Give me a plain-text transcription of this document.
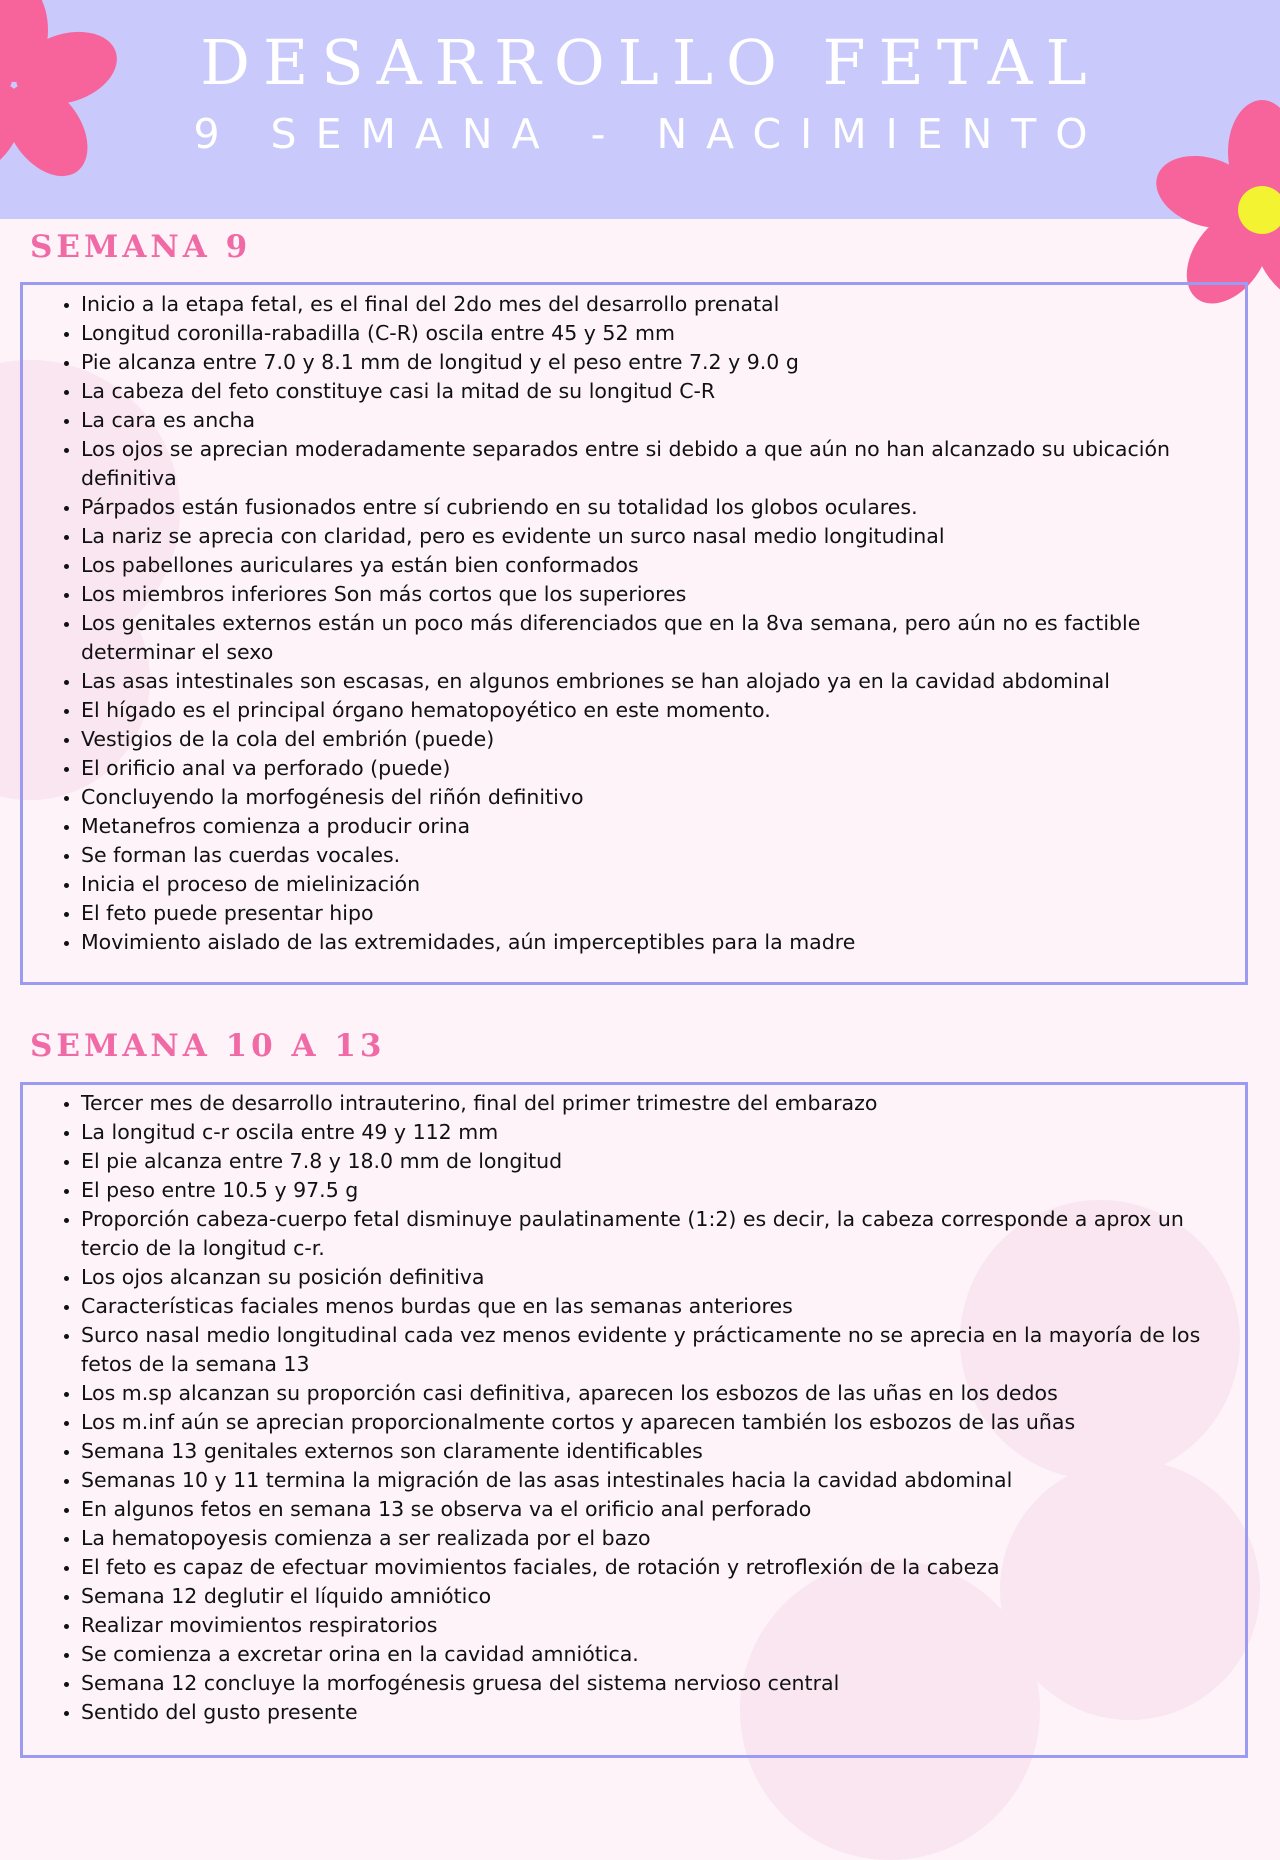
DESARROLLO FETAL
9 SEMANA - NACIMIENTO
SEMANA 9
• Inicio a la etapa fetal, es el final del 2do mes del desarrollo prenatal
• Longitud coronilla-rabadilla (C-R) oscila entre 45 y 52 mm
• Pie alcanza entre 7.0 y 8.1 mm de longitud y el peso entre 7.2 y 9.0 g
• La cabeza del feto constituye casi la mitad de su longitud C-R
• La cara es ancha
• Los ojos se aprecian moderadamente separados entre si debido a que aún no han alcanzado su ubicación definitiva
• Párpados están fusionados entre sí cubriendo en su totalidad los globos oculares.
• La nariz se aprecia con claridad, pero es evidente un surco nasal medio longitudinal
• Los pabellones auriculares ya están bien conformados
• Los miembros inferiores Son más cortos que los superiores
• Los genitales externos están un poco más diferenciados que en la 8va semana, pero aún no es factible determinar el sexo
• Las asas intestinales son escasas, en algunos embriones se han alojado ya en la cavidad abdominal
• El hígado es el principal órgano hematopoyético en este momento.
• Vestigios de la cola del embrión (puede)
• El orificio anal va perforado (puede)
• Concluyendo la morfogénesis del riñón definitivo
• Metanefros comienza a producir orina
• Se forman las cuerdas vocales.
• Inicia el proceso de mielinización
• El feto puede presentar hipo
• Movimiento aislado de las extremidades, aún imperceptibles para la madre
SEMANA 10 A 13
• Tercer mes de desarrollo intrauterino, final del primer trimestre del embarazo
• La longitud c-r oscila entre 49 y 112 mm
• El pie alcanza entre 7.8 y 18.0 mm de longitud
• El peso entre 10.5 y 97.5 g
• Proporción cabeza-cuerpo fetal disminuye paulatinamente (1:2) es decir, la cabeza corresponde a aprox un tercio de la longitud c-r.
• Los ojos alcanzan su posición definitiva
• Características faciales menos burdas que en las semanas anteriores
• Surco nasal medio longitudinal cada vez menos evidente y prácticamente no se aprecia en la mayoría de los fetos de la semana 13
• Los m.sp alcanzan su proporción casi definitiva, aparecen los esbozos de las uñas en los dedos
• Los m.inf aún se aprecian proporcionalmente cortos y aparecen también los esbozos de las uñas
• Semana 13 genitales externos son claramente identificables
• Semanas 10 y 11 termina la migración de las asas intestinales hacia la cavidad abdominal
• En algunos fetos en semana 13 se observa va el orificio anal perforado
• La hematopoyesis comienza a ser realizada por el bazo
• El feto es capaz de efectuar movimientos faciales, de rotación y retroflexión de la cabeza
• Semana 12 deglutir el líquido amniótico
• Realizar movimientos respiratorios
• Se comienza a excretar orina en la cavidad amniótica.
• Semana 12 concluye la morfogénesis gruesa del sistema nervioso central
• Sentido del gusto presente
